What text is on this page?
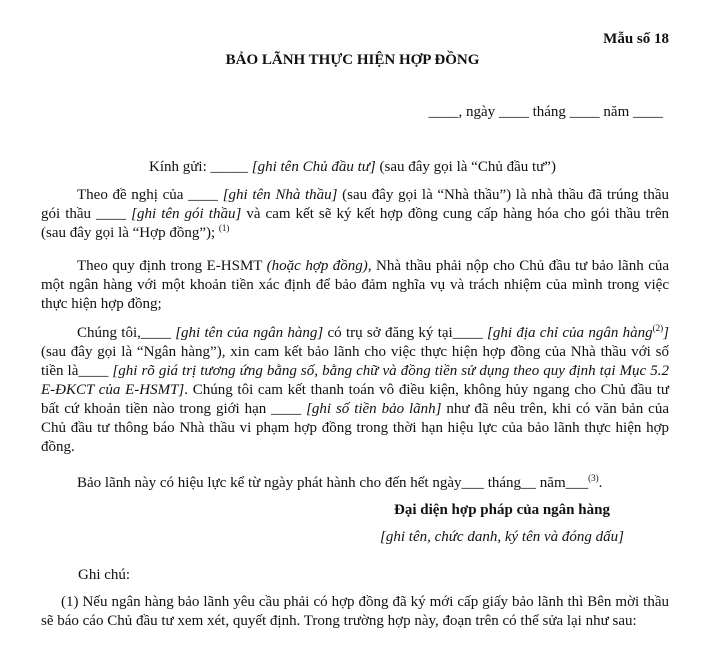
Mẫu số 18
BẢO LÃNH THỰC HIỆN HỢP ĐỒNG
____, ngày ____ tháng ____ năm ____
Kính gửi: _____ [ghi tên Chủ đầu tư] (sau đây gọi là “Chủ đầu tư”)
Theo đề nghị của ____ [ghi tên Nhà thầu] (sau đây gọi là “Nhà thầu”) là nhà thầu đã trúng thầu gói thầu ____ [ghi tên gói thầu] và cam kết sẽ ký kết hợp đồng cung cấp hàng hóa cho gói thầu trên (sau đây gọi là “Hợp đồng”); $^{(1)}$
Theo quy định trong E-HSMT (hoặc hợp đồng), Nhà thầu phải nộp cho Chủ đầu tư bảo lãnh của một ngân hàng với một khoản tiền xác định để bảo đảm nghĩa vụ và trách nhiệm của mình trong việc thực hiện hợp đồng;
Chúng tôi,____ [ghi tên của ngân hàng] có trụ sở đăng ký tại____ [ghi địa chỉ của ngân hàng$^{(2)}$] (sau đây gọi là “Ngân hàng”), xin cam kết bảo lãnh cho việc thực hiện hợp đồng của Nhà thầu với số tiền là____ [ghi rõ giá trị tương ứng bằng số, bằng chữ và đồng tiền sử dụng theo quy định tại Mục 5.2 E-ĐKCT của E-HSMT]. Chúng tôi cam kết thanh toán vô điều kiện, không hủy ngang cho Chủ đầu tư bất cứ khoản tiền nào trong giới hạn ____ [ghi số tiền bảo lãnh] như đã nêu trên, khi có văn bản của Chủ đầu tư thông báo Nhà thầu vi phạm hợp đồng trong thời hạn hiệu lực của bảo lãnh thực hiện hợp đồng.
Bảo lãnh này có hiệu lực kể từ ngày phát hành cho đến hết ngày___ tháng__ năm___$^{(3)}$.
Đại diện hợp pháp của ngân hàng
[ghi tên, chức danh, ký tên và đóng dấu]
Ghi chú:
(1) Nếu ngân hàng bảo lãnh yêu cầu phải có hợp đồng đã ký mới cấp giấy bảo lãnh thì Bên mời thầu sẽ báo cáo Chủ đầu tư xem xét, quyết định. Trong trường hợp này, đoạn trên có thể sửa lại như sau:
